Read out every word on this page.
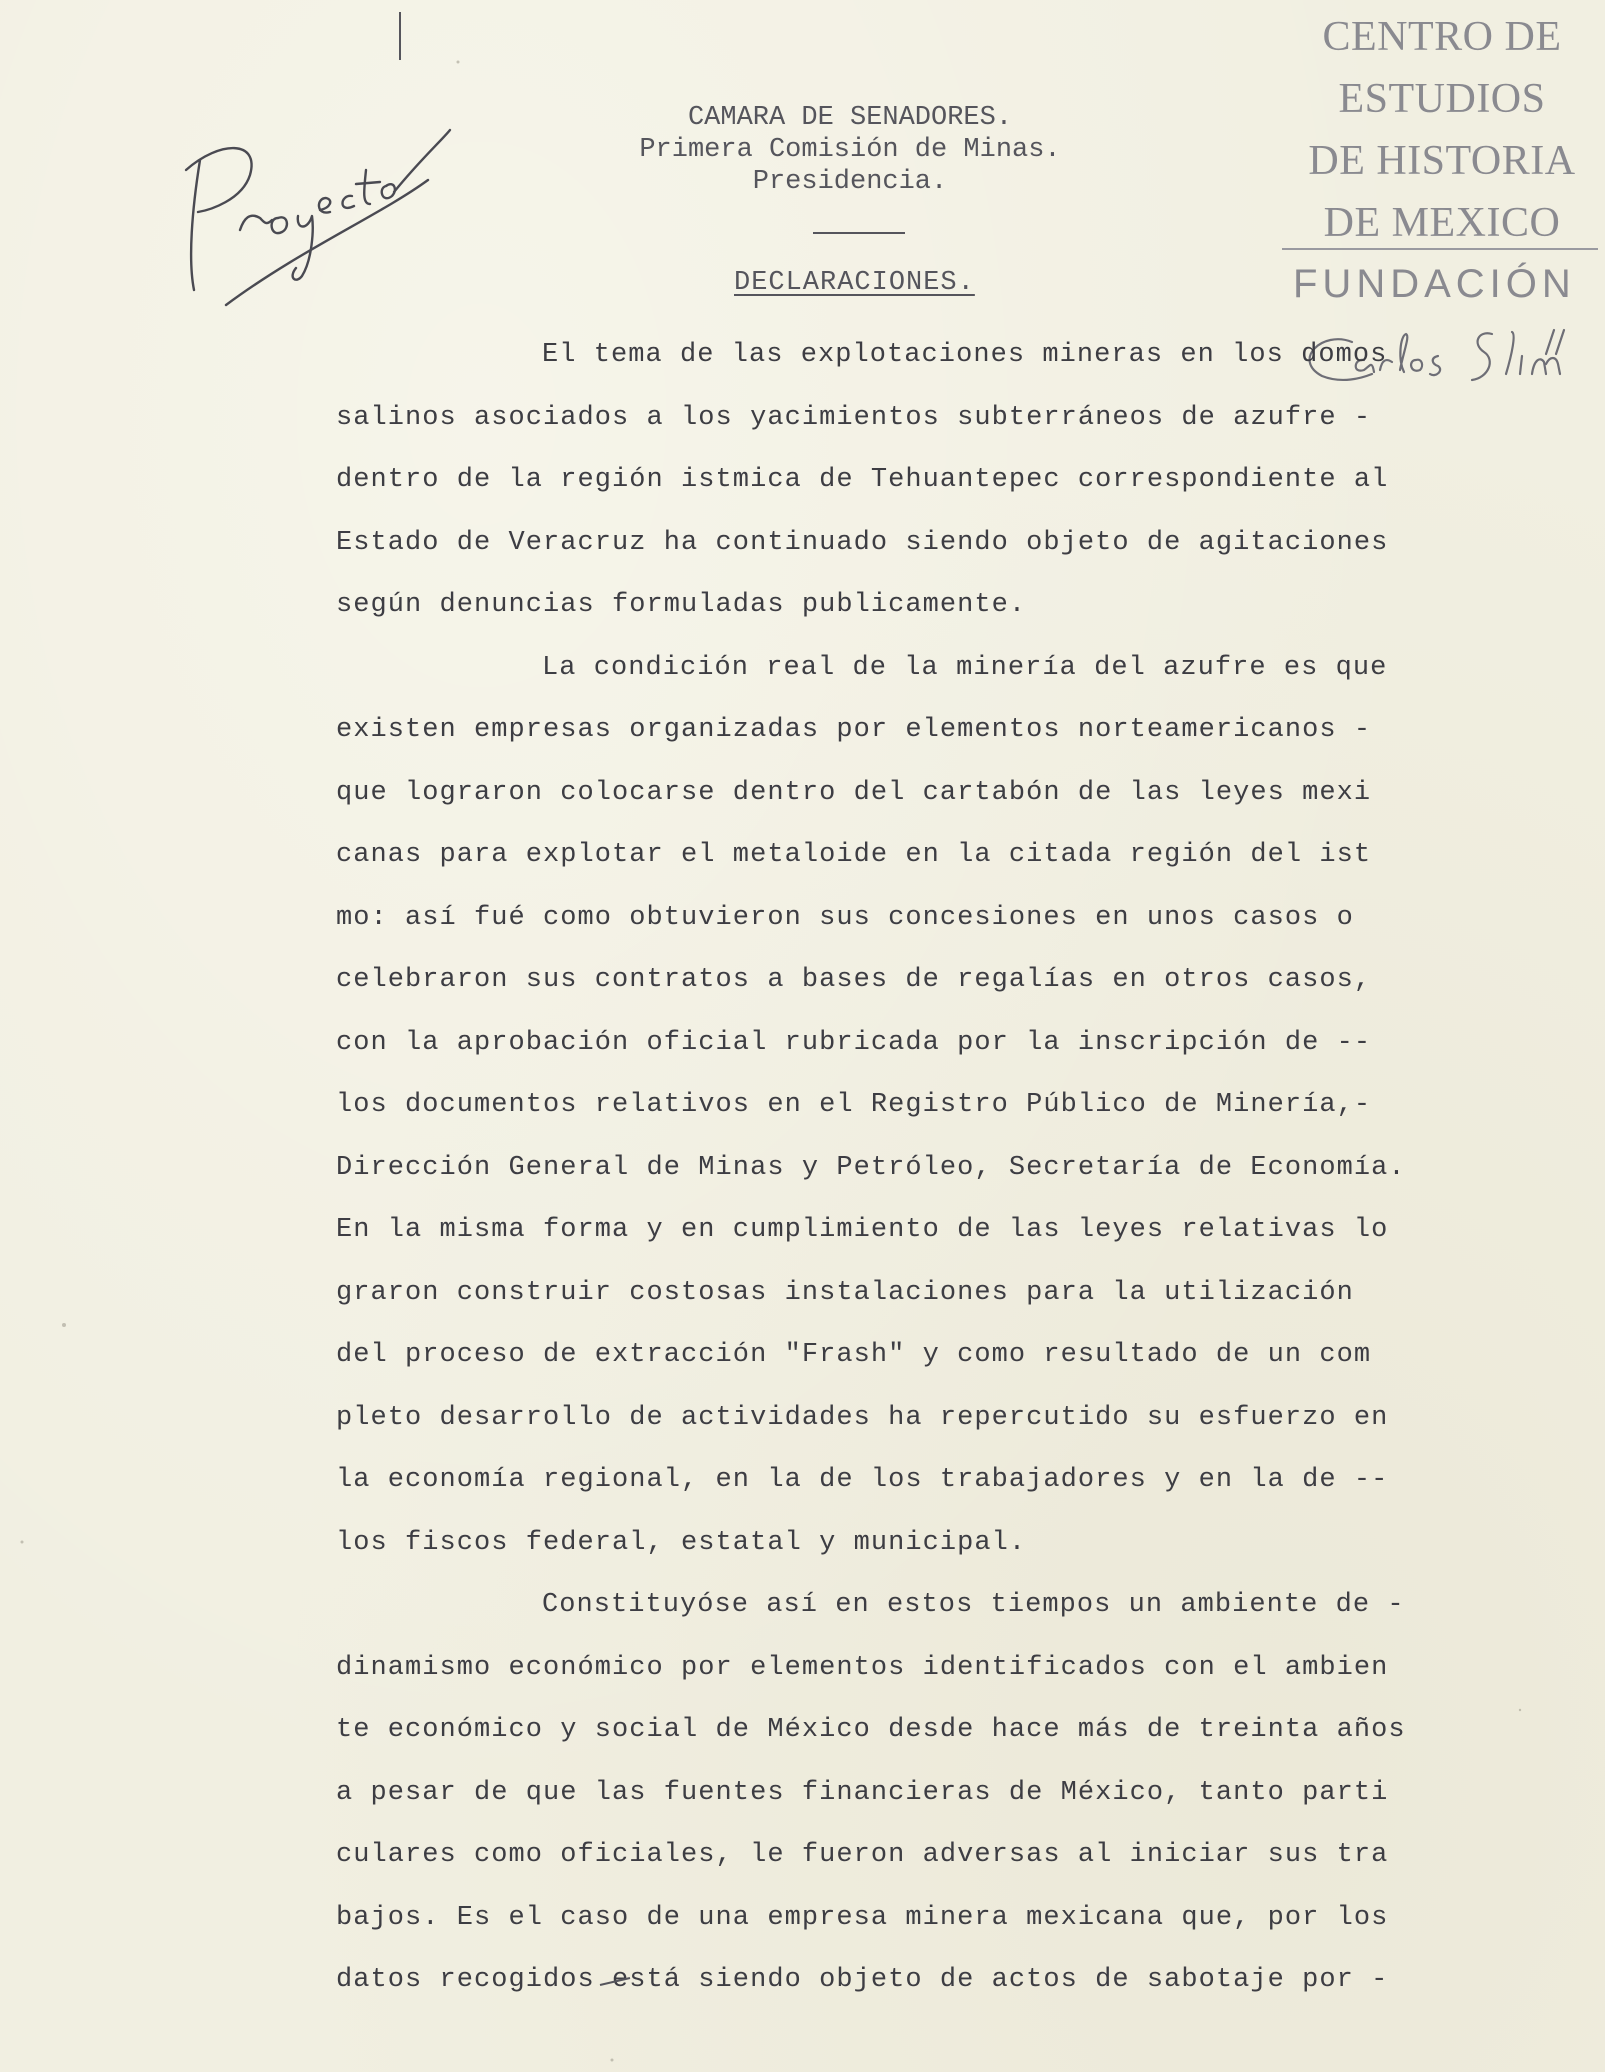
CENTRO DE
ESTUDIOS
DE HISTORIA
DE MEXICO
FUNDACIÓN
CAMARA DE SENADORES.
Primera Comisión de Minas.
Presidencia.
DECLARACIONES.
El tema de las explotaciones mineras en los domos
salinos asociados a los yacimientos subterráneos de azufre -
dentro de la región istmica de Tehuantepec correspondiente al
Estado de Veracruz ha continuado siendo objeto de agitaciones
según denuncias formuladas publicamente.
La condición real de la minería del azufre es que
existen empresas organizadas por elementos norteamericanos -
que lograron colocarse dentro del cartabón de las leyes mexi
canas para explotar el metaloide en la citada región del ist
mo: así fué como obtuvieron sus concesiones en unos casos o
celebraron sus contratos a bases de regalías en otros casos,
con la aprobación oficial rubricada por la inscripción de --
los documentos relativos en el Registro Público de Minería,-
Dirección General de Minas y Petróleo, Secretaría de Economía.
En la misma forma y en cumplimiento de las leyes relativas lo
graron construir costosas instalaciones para la utilización
del proceso de extracción "Frash" y como resultado de un com
pleto desarrollo de actividades ha repercutido su esfuerzo en
la economía regional, en la de los trabajadores y en la de --
los fiscos federal, estatal y municipal.
Constituyóse así en estos tiempos un ambiente de -
dinamismo económico por elementos identificados con el ambien
te económico y social de México desde hace más de treinta años
a pesar de que las fuentes financieras de México, tanto parti
culares como oficiales, le fueron adversas al iniciar sus tra
bajos. Es el caso de una empresa minera mexicana que, por los
datos recogidos está siendo objeto de actos de sabotaje por -
